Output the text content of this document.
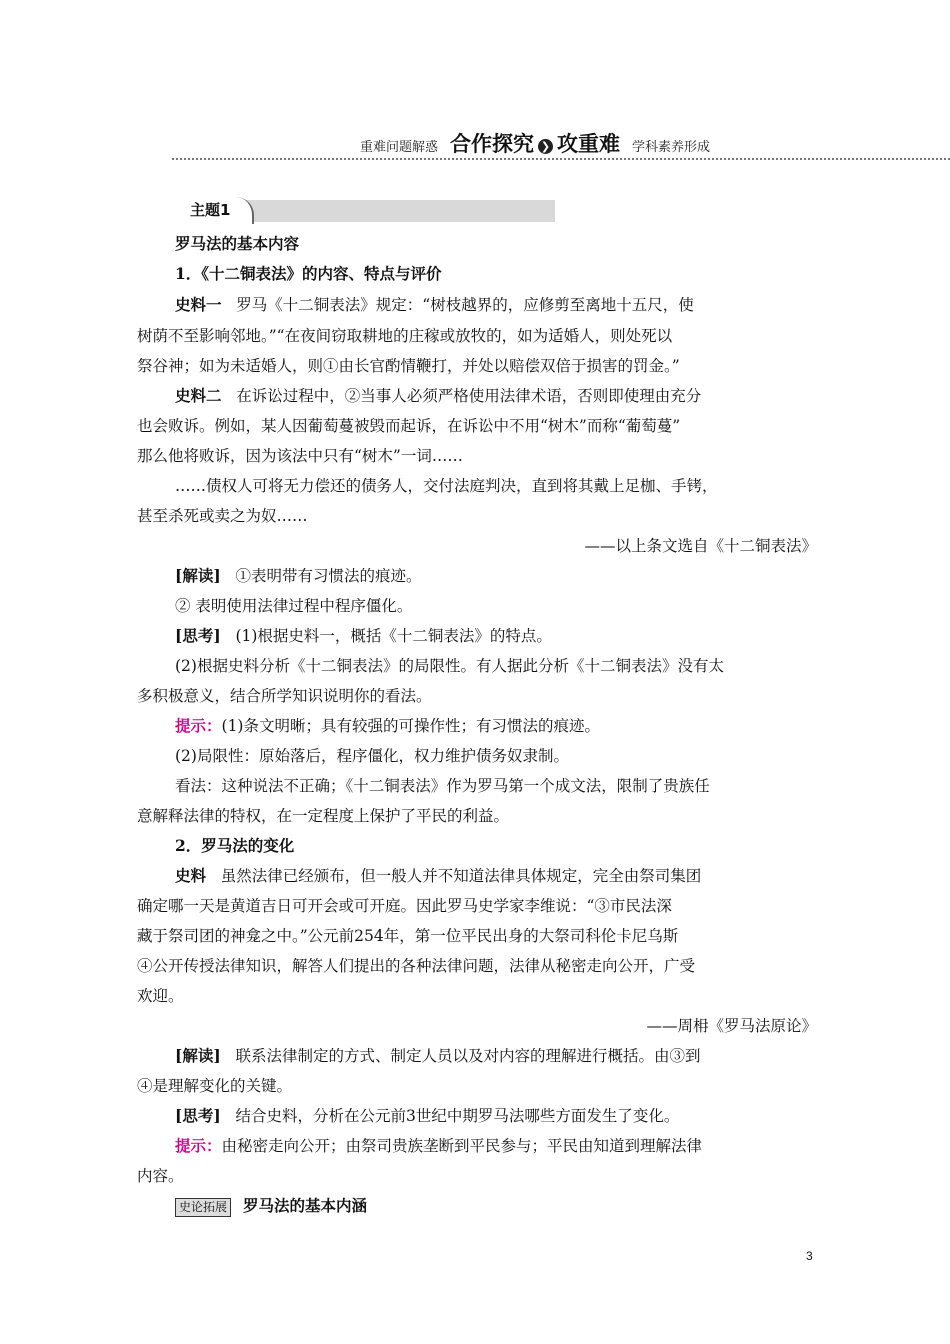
重难问题解惑 合作探究 ❯ 攻重难 学科素养形成
主题1
罗马法的基本内容
1．《十二铜表法》的内容、特点与评价
史料一 罗马《十二铜表法》规定：“树枝越界的，应修剪至离地十五尺，使
树荫不至影响邻地。”“在夜间窃取耕地的庄稼或放牧的，如为适婚人，则处死以
祭谷神；如为未适婚人，则①由长官酌情鞭打，并处以赔偿双倍于损害的罚金。”
史料二 在诉讼过程中，②当事人必须严格使用法律术语，否则即使理由充分
也会败诉。例如，某人因葡萄蔓被毁而起诉，在诉讼中不用“树木”而称“葡萄蔓”
那么他将败诉，因为该法中只有“树木”一词……
……债权人可将无力偿还的债务人，交付法庭判决，直到将其戴上足枷、手铐，
甚至杀死或卖之为奴……
——以上条文选自《十二铜表法》
[解读] ①表明带有习惯法的痕迹。
② 表明使用法律过程中程序僵化。
[思考] (1)根据史料一，概括《十二铜表法》的特点。
(2)根据史料分析《十二铜表法》的局限性。有人据此分析《十二铜表法》没有太
多积极意义，结合所学知识说明你的看法。
提示：(1)条文明晰；具有较强的可操作性；有习惯法的痕迹。
(2)局限性：原始落后，程序僵化，权力维护债务奴隶制。
看法：这种说法不正确；《十二铜表法》作为罗马第一个成文法，限制了贵族任
意解释法律的特权，在一定程度上保护了平民的利益。
2．罗马法的变化
史料 虽然法律已经颁布，但一般人并不知道法律具体规定，完全由祭司集团
确定哪一天是黄道吉日可开会或可开庭。因此罗马史学家李维说：“③市民法深
藏于祭司团的神龛之中。”公元前254年，第一位平民出身的大祭司科伦卡尼乌斯
④公开传授法律知识，解答人们提出的各种法律问题，法律从秘密走向公开，广受
欢迎。
——周枏《罗马法原论》
[解读] 联系法律制定的方式、制定人员以及对内容的理解进行概括。由③到
④是理解变化的关键。
[思考] 结合史料，分析在公元前3世纪中期罗马法哪些方面发生了变化。
提示：由秘密走向公开；由祭司贵族垄断到平民参与；平民由知道到理解法律
内容。
史论拓展 罗马法的基本内涵
3
